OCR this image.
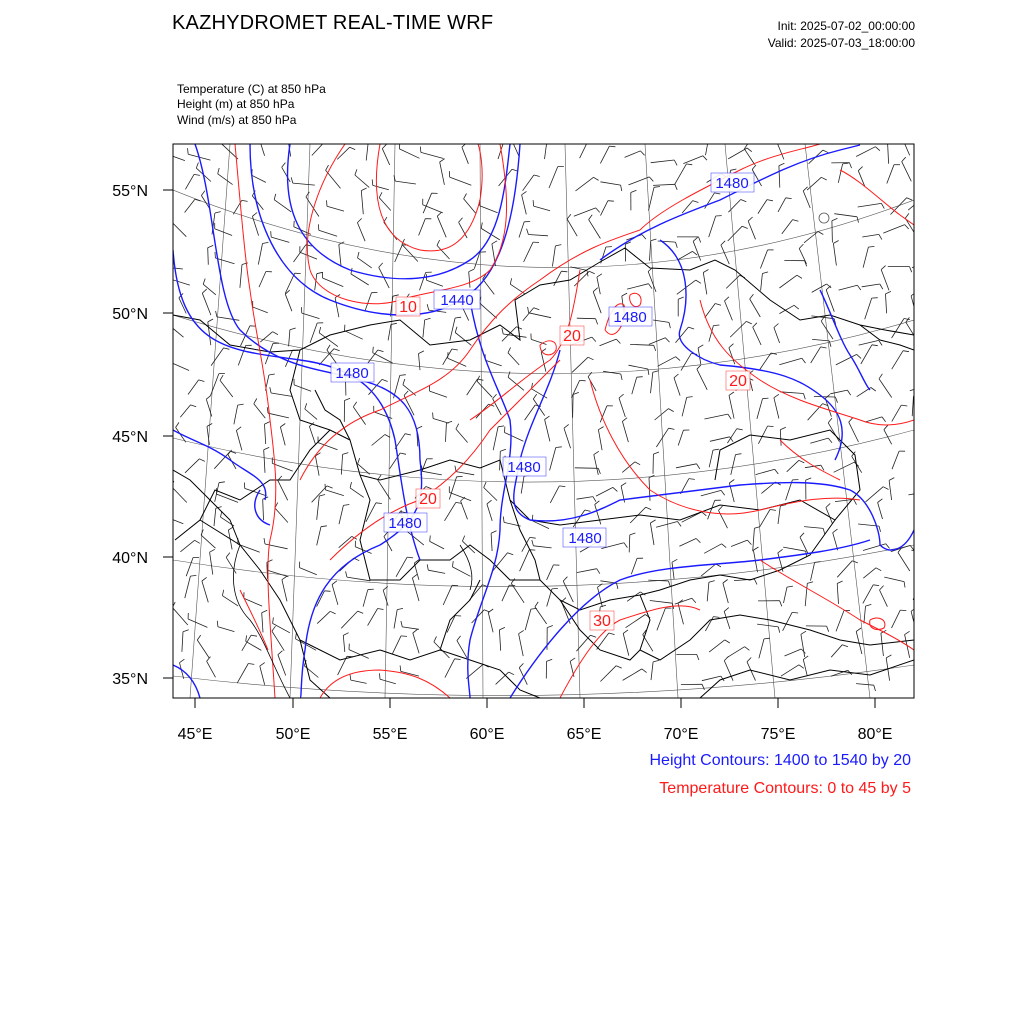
KAZHYDROMET REAL-TIME WRF	Init: 2025-07-02_00:00:00
Valid: 2025-07-03_18:00:00
Temperature (C) at 850 hPa
Height (m) at 850 hPa
Wind (m/s) at 850 hPa
55°N
50°N
45°N
40°N
35°N
45°E	50°E	55°E	60°E	65°E	70°E	75°E	80°E
1480
1440
1480
1480
1480
1480
1480
10
20
20
20
30
Height Contours: 1400 to 1540 by 20
Temperature Contours: 0 to 45 by 5
